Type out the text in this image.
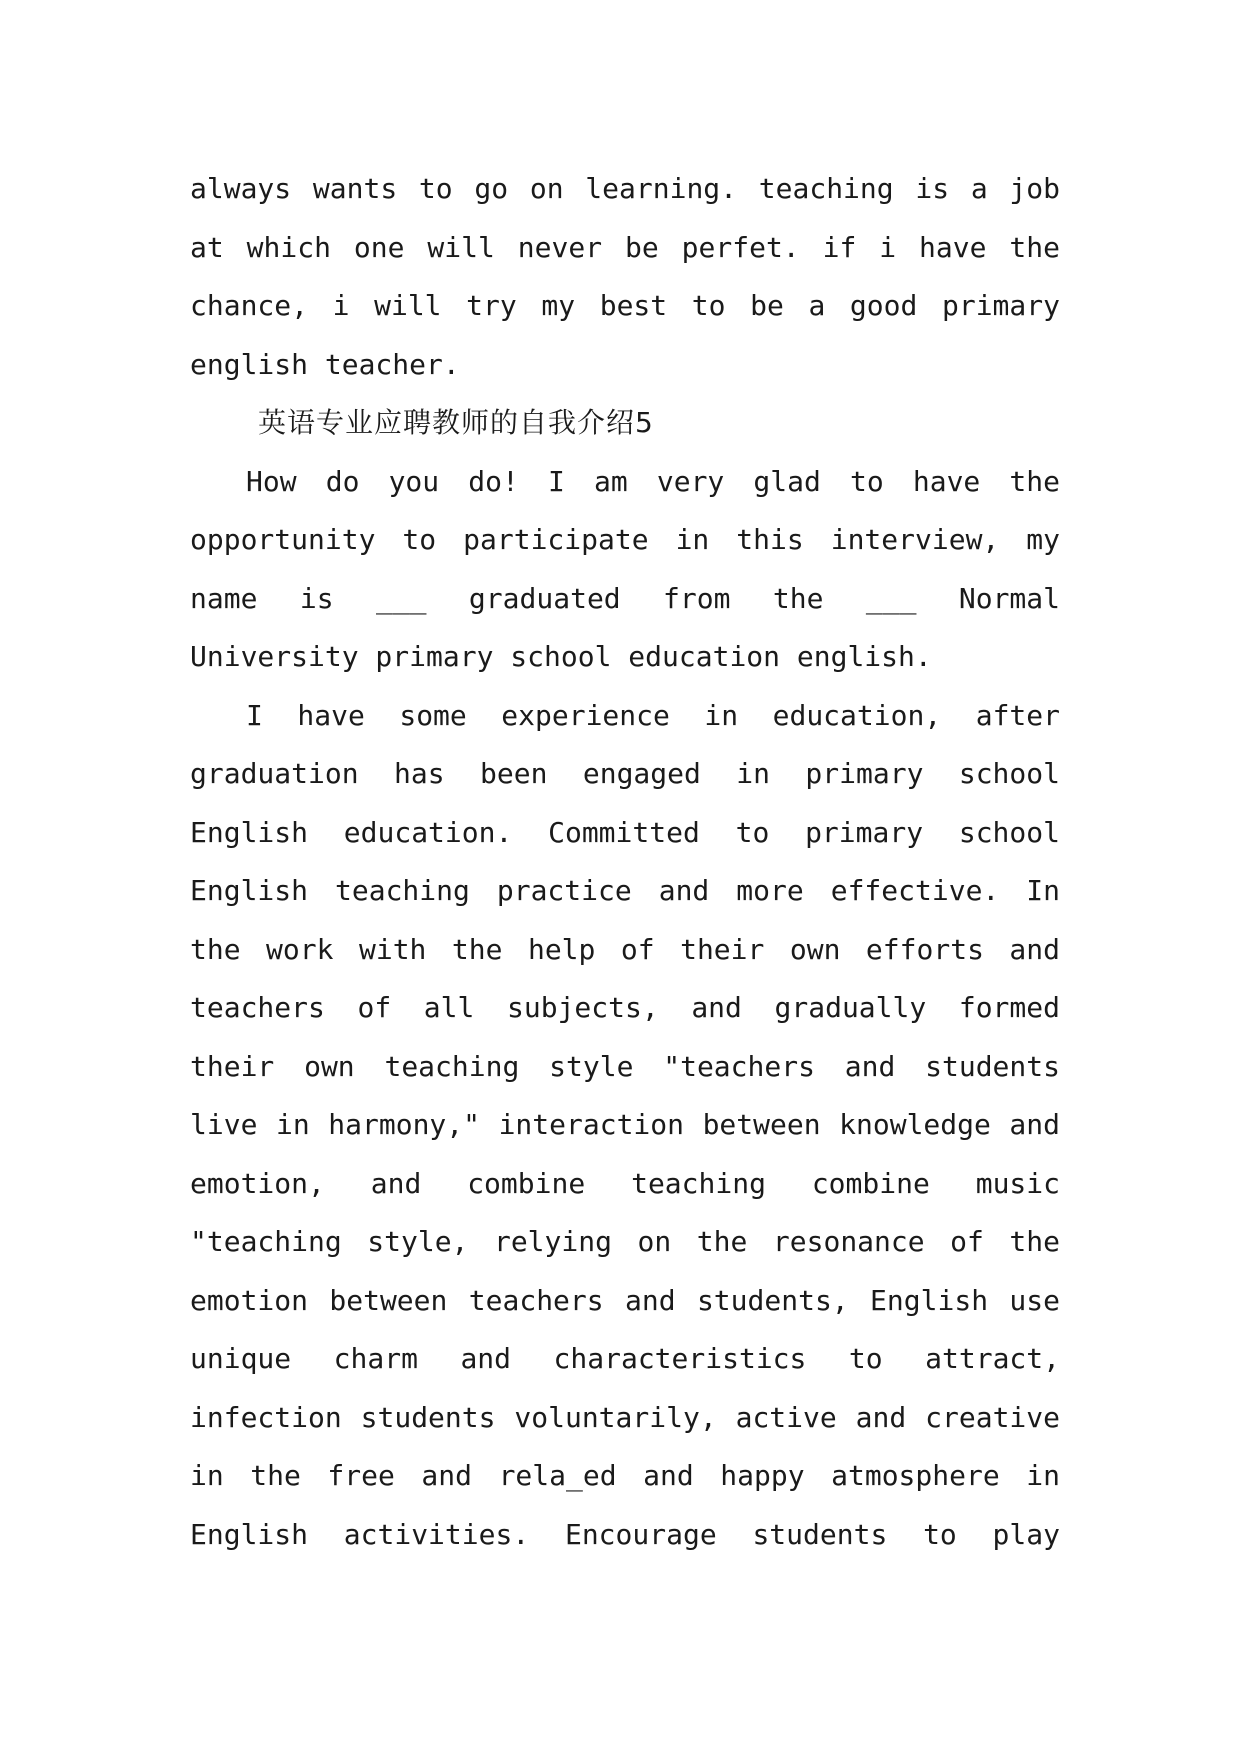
always wants to go on learning. teaching is a job
at which one will never be perfet. if i have the
chance, i will try my best to be a good primary
english teacher.
英语专业应聘教师的自我介绍5
How do you do! I am very glad to have the
opportunity to participate in this interview, my
name is ___ graduated from the ___ Normal
University primary school education english.
I have some experience in education, after
graduation has been engaged in primary school
English education. Committed to primary school
English teaching practice and more effective. In
the work with the help of their own efforts and
teachers of all subjects, and gradually formed
their own teaching style "teachers and students
live in harmony," interaction between knowledge and
emotion, and combine teaching combine music
"teaching style, relying on the resonance of the
emotion between teachers and students, English use
unique charm and characteristics to attract,
infection students voluntarily, active and creative
in the free and rela_ed and happy atmosphere in
English activities. Encourage students to play
